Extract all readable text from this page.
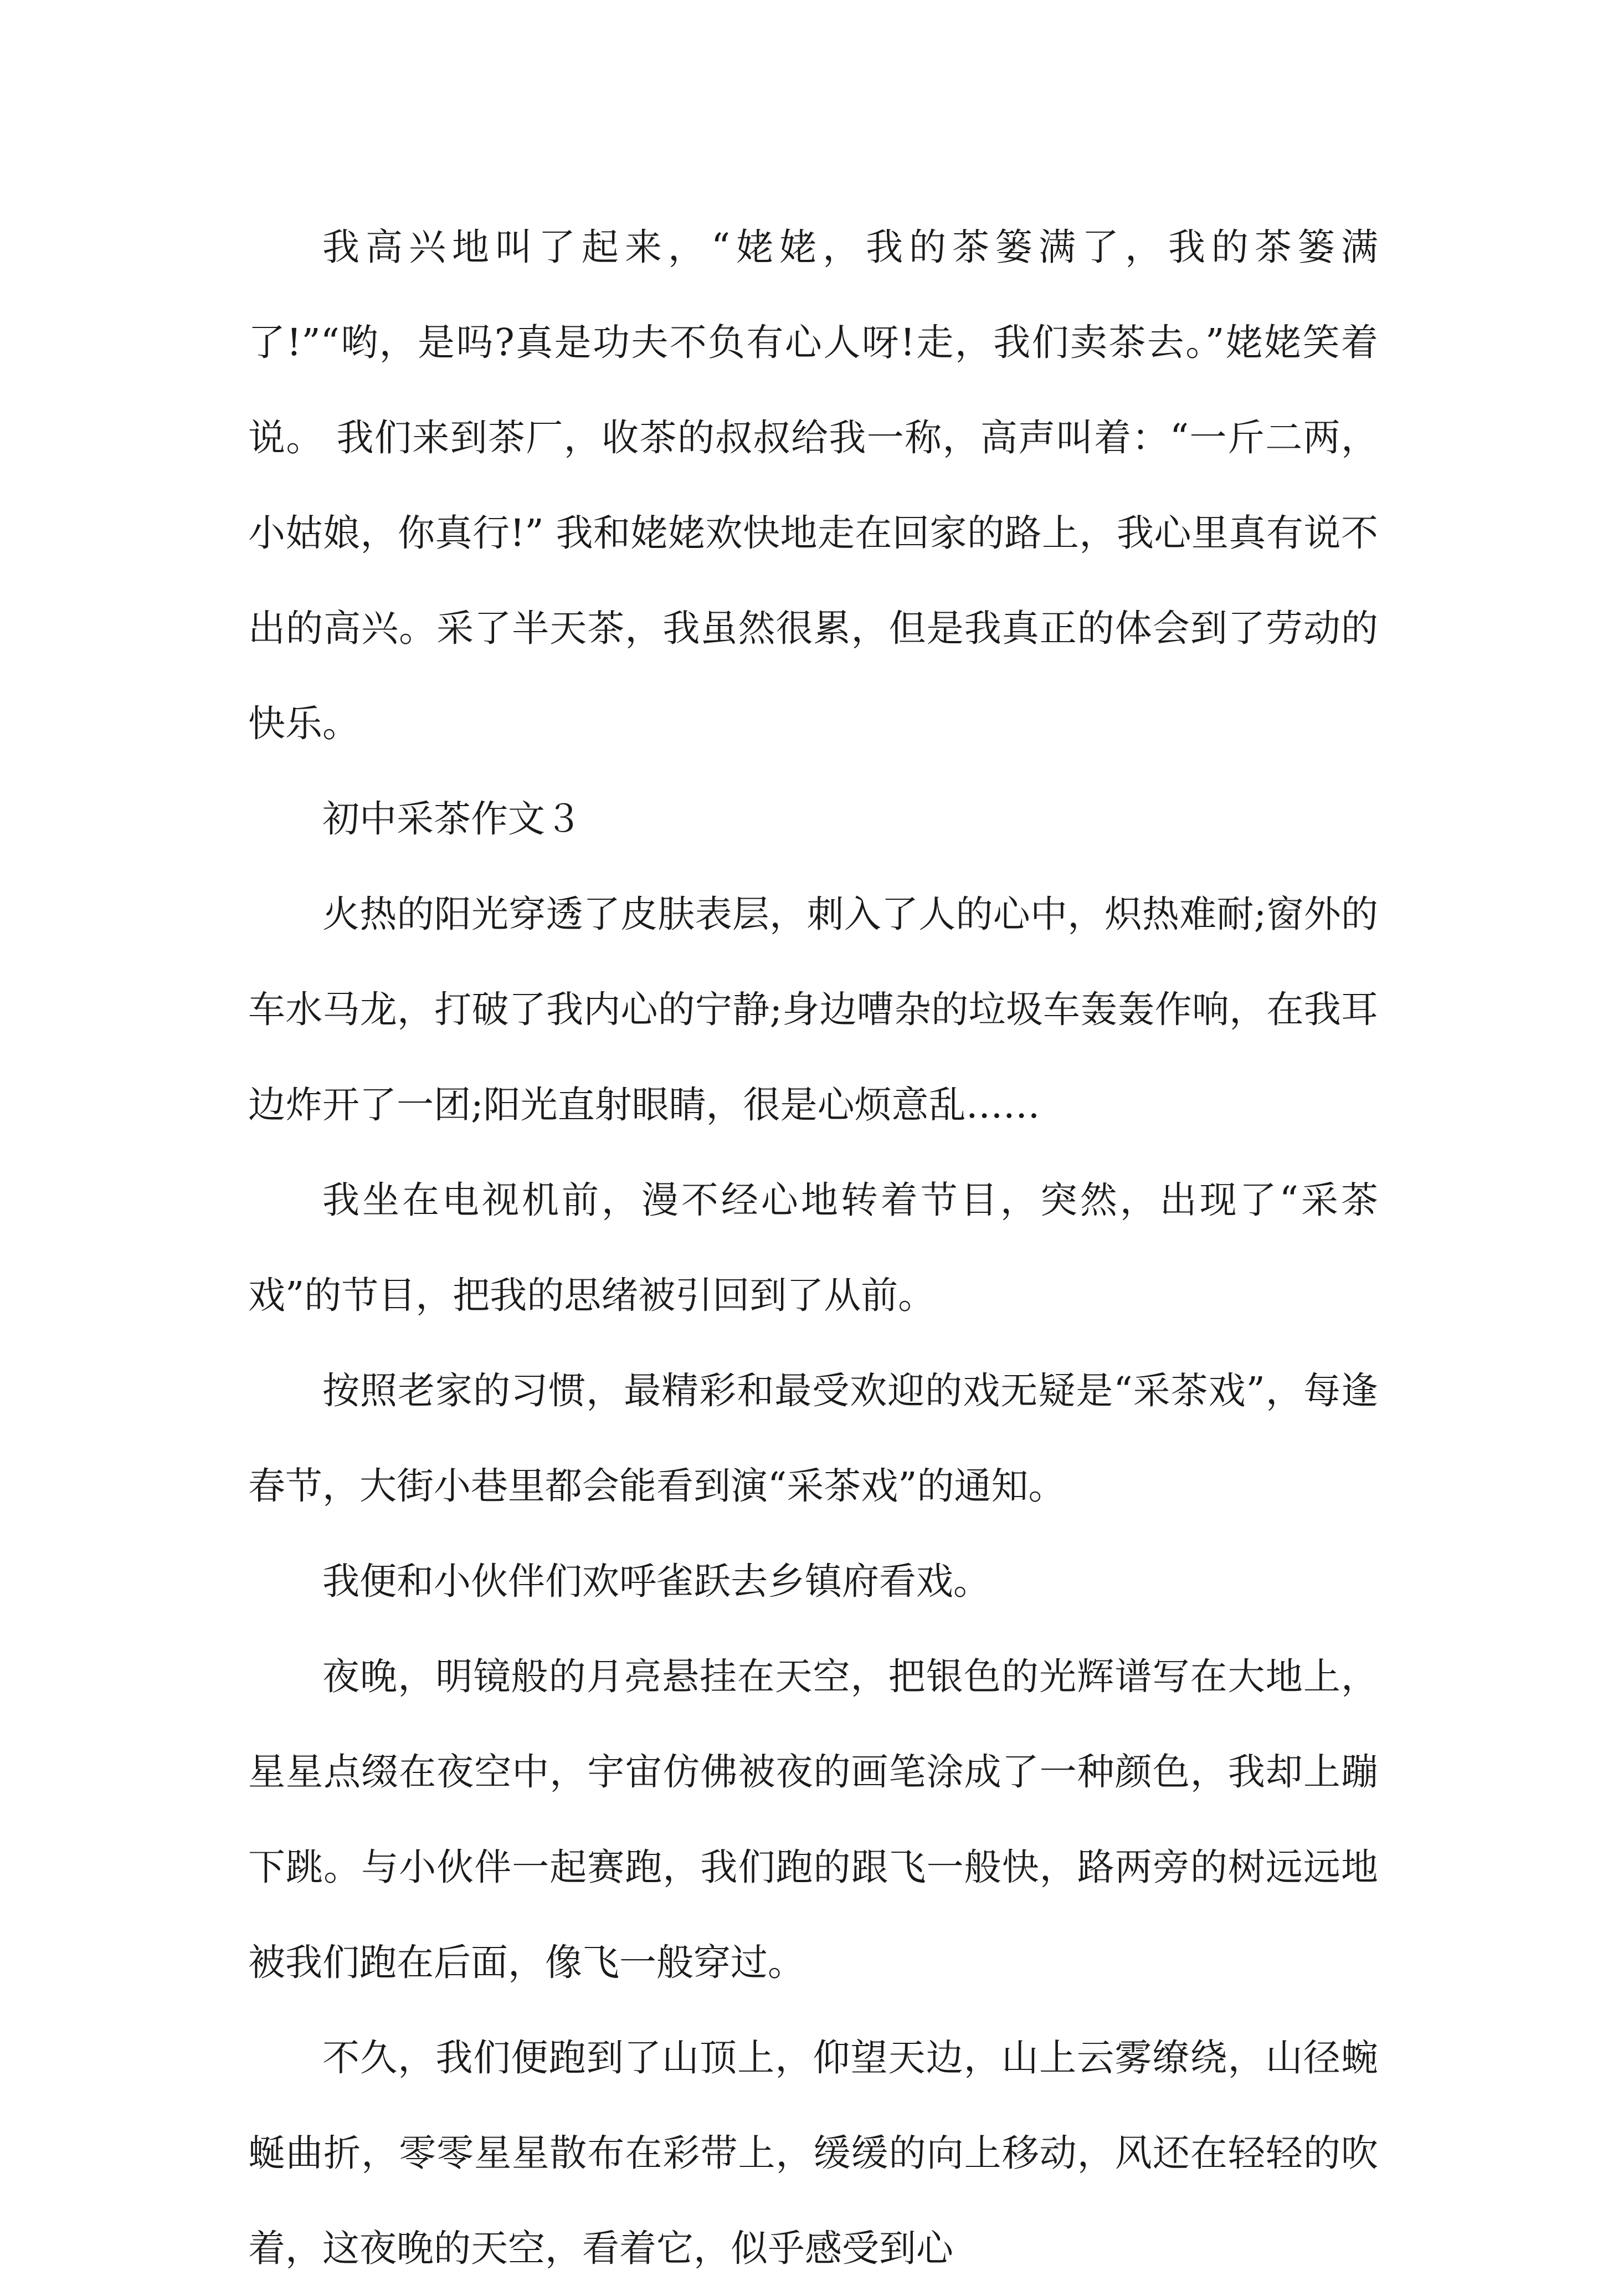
我高兴地叫了起来，“姥姥，我的茶篓满了，我的茶篓满了!”“哟，是吗?真是功夫不负有心人呀!走，我们卖茶去。”姥姥笑着说。 我们来到茶厂，收茶的叔叔给我一称，高声叫着：“一斤二两，小姑娘，你真行!” 我和姥姥欢快地走在回家的路上，我心里真有说不出的高兴。采了半天茶，我虽然很累，但是我真正的体会到了劳动的快乐。

初中采茶作文３

火热的阳光穿透了皮肤表层，刺入了人的心中，炽热难耐;窗外的车水马龙，打破了我内心的宁静;身边嘈杂的垃圾车轰轰作响，在我耳边炸开了一团;阳光直射眼睛，很是心烦意乱……

我坐在电视机前，漫不经心地转着节目，突然，出现了“采茶戏”的节目，把我的思绪被引回到了从前。

按照老家的习惯，最精彩和最受欢迎的戏无疑是“采茶戏”，每逢春节，大街小巷里都会能看到演“采茶戏”的通知。

我便和小伙伴们欢呼雀跃去乡镇府看戏。

夜晚，明镜般的月亮悬挂在天空，把银色的光辉谱写在大地上，星星点缀在夜空中，宇宙仿佛被夜的画笔涂成了一种颜色，我却上蹦下跳。与小伙伴一起赛跑，我们跑的跟飞一般快，路两旁的树远远地被我们跑在后面，像飞一般穿过。

不久，我们便跑到了山顶上，仰望天边，山上云雾缭绕，山径蜿蜒曲折，零零星星散布在彩带上，缓缓的向上移动，风还在轻轻的吹着，这夜晚的天空，看着它，似乎感受到心
